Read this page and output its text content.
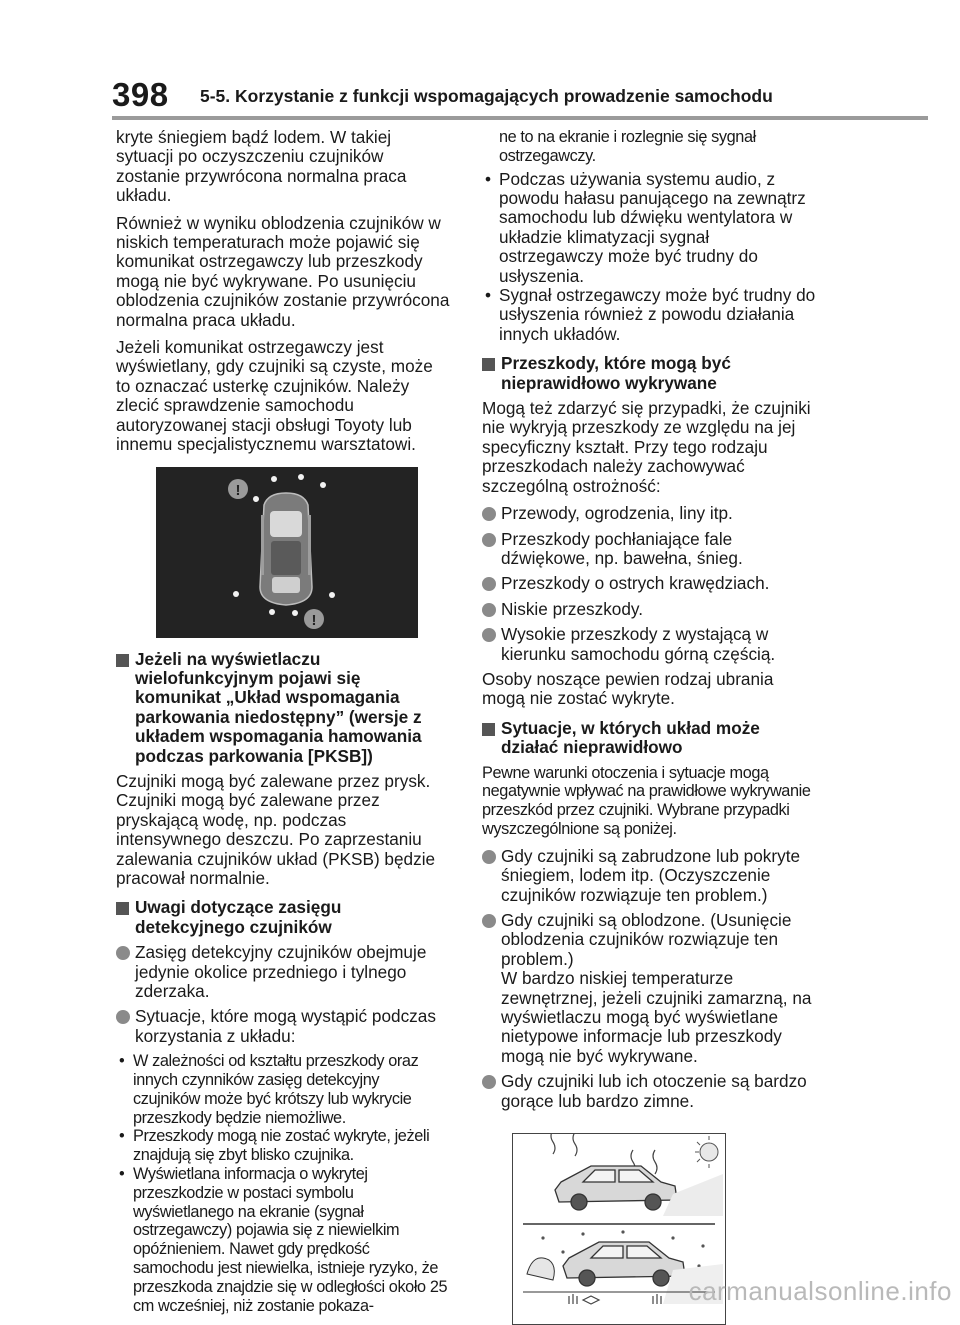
398 5-5. Korzystanie z funkcji wspomagających prowadzenie samochodu

kryte śniegiem bądź lodem. W takiej sytuacji po oczyszczeniu czujników zostanie przywrócona normalna praca układu.

Również w wyniku oblodzenia czujników w niskich temperaturach może pojawić się komunikat ostrzegawczy lub przeszkody mogą nie być wykrywane. Po usunięciu oblodzenia czujników zostanie przywrócona normalna praca układu.

Jeżeli komunikat ostrzegawczy jest wyświetlany, gdy czujniki są czyste, może to oznaczać usterkę czujników. Należy zlecić sprawdzenie samochodu autoryzowanej stacji obsługi Toyoty lub innemu specjalistycznemu warsztatowi.

!
!
Jeżeli na wyświetlaczu wielofunkcyjnym pojawi się komunikat „Układ wspomagania parkowania niedostępny” (wersje z układem wspomagania hamowania podczas parkowania [PKSB])

Czujniki mogą być zalewane przez prysk. Czujniki mogą być zalewane przez pryskającą wodę, np. podczas intensywnego deszczu. Po zaprzestaniu zalewania czujników układ (PKSB) będzie pracował normalnie.

Uwagi dotyczące zasięgu detekcyjnego czujników
Zasięg detekcyjny czujników obejmuje jedynie okolice przedniego i tylnego zderzaka.
Sytuacje, które mogą wystąpić podczas korzystania z układu:
• W zależności od kształtu przeszkody oraz innych czynników zasięg detekcyjny czujników może być krótszy lub wykrycie przeszkody będzie niemożliwe.
• Przeszkody mogą nie zostać wykryte, jeżeli znajdują się zbyt blisko czujnika.
• Wyświetlana informacja o wykrytej przeszkodzie w postaci symbolu wyświetlanego na ekranie (sygnał ostrzegawczy) pojawia się z niewielkim opóźnieniem. Nawet gdy prędkość samochodu jest niewielka, istnieje ryzyko, że przeszkoda znajdzie się w odległości około 25 cm wcześniej, niż zostanie pokaza-
ne to na ekranie i rozlegnie się sygnał ostrzegawczy.
• Podczas używania systemu audio, z powodu hałasu panującego na zewnątrz samochodu lub dźwięku wentylatora w układzie klimatyzacji sygnał ostrzegawczy może być trudny do usłyszenia.
• Sygnał ostrzegawczy może być trudny do usłyszenia również z powodu działania innych układów.
Przeszkody, które mogą być nieprawidłowo wykrywane

Mogą też zdarzyć się przypadki, że czujniki nie wykryją przeszkody ze względu na jej specyficzny kształt. Przy tego rodzaju przeszkodach należy zachowywać szczególną ostrożność:

Przewody, ogrodzenia, liny itp.
Przeszkody pochłaniające fale dźwiękowe, np. bawełna, śnieg.
Przeszkody o ostrych krawędziach.
Niskie przeszkody.
Wysokie przeszkody z wystającą w kierunku samochodu górną częścią.

Osoby noszące pewien rodzaj ubrania mogą nie zostać wykryte.

Sytuacje, w których układ może działać nieprawidłowo

Pewne warunki otoczenia i sytuacje mogą negatywnie wpływać na prawidłowe wykrywanie przeszkód przez czujniki. Wybrane przypadki wyszczególnione są poniżej.

Gdy czujniki są zabrudzone lub pokryte śniegiem, lodem itp. (Oczyszczenie czujników rozwiązuje ten problem.)
Gdy czujniki są oblodzone. (Usunięcie oblodzenia czujników rozwiązuje ten problem.)
W bardzo niskiej temperaturze zewnętrznej, jeżeli czujniki zamarzną, na wyświetlaczu mogą być wyświetlane nietypowe informacje lub przeszkody mogą nie być wykrywane.
Gdy czujniki lub ich otoczenie są bardzo gorące lub bardzo zimne.
carmanualsonline.info
